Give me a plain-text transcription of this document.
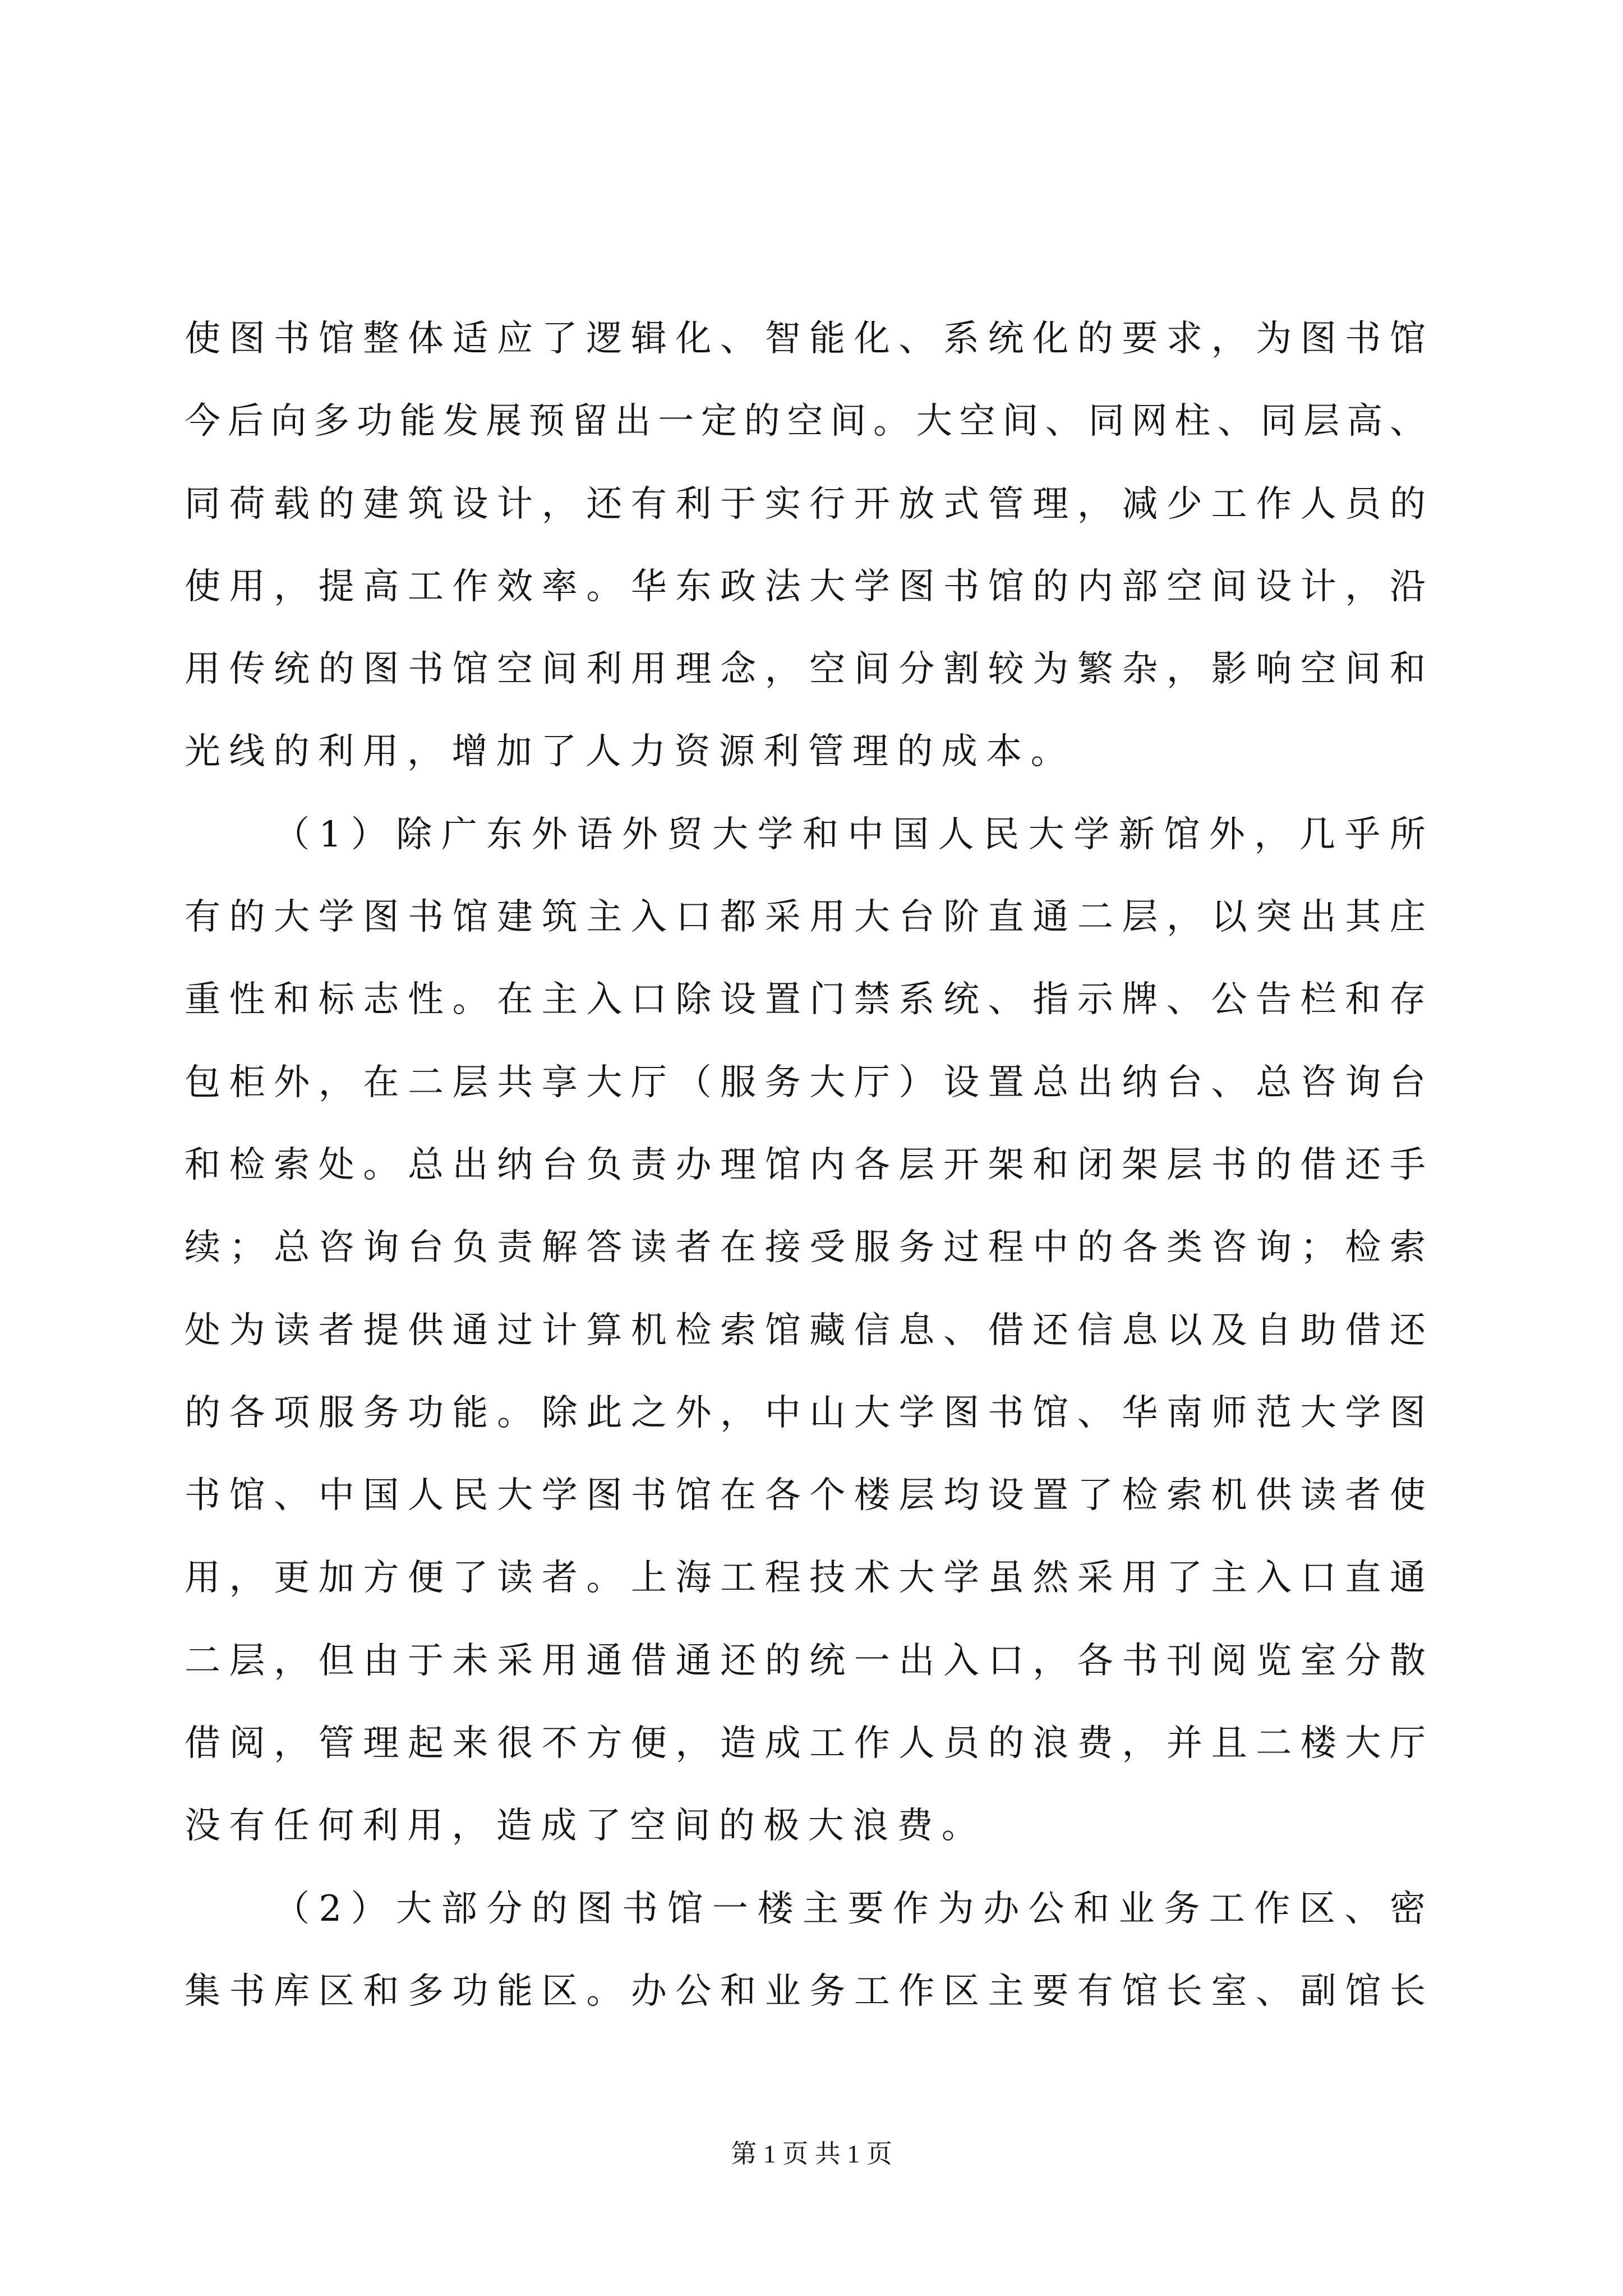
使图书馆整体适应了逻辑化、智能化、系统化的要求，为图书馆
今后向多功能发展预留出一定的空间。大空间、同网柱、同层高、
同荷载的建筑设计，还有利于实行开放式管理，减少工作人员的
使用，提高工作效率。华东政法大学图书馆的内部空间设计，沿
用传统的图书馆空间利用理念，空间分割较为繁杂，影响空间和
光线的利用，增加了人力资源利管理的成本。
（1）除广东外语外贸大学和中国人民大学新馆外，几乎所
有的大学图书馆建筑主入口都采用大台阶直通二层，以突出其庄
重性和标志性。在主入口除设置门禁系统、指示牌、公告栏和存
包柜外，在二层共享大厅（服务大厅）设置总出纳台、总咨询台
和检索处。总出纳台负责办理馆内各层开架和闭架层书的借还手
续；总咨询台负责解答读者在接受服务过程中的各类咨询；检索
处为读者提供通过计算机检索馆藏信息、借还信息以及自助借还
的各项服务功能。除此之外，中山大学图书馆、华南师范大学图
书馆、中国人民大学图书馆在各个楼层均设置了检索机供读者使
用，更加方便了读者。上海工程技术大学虽然采用了主入口直通
二层，但由于未采用通借通还的统一出入口，各书刊阅览室分散
借阅，管理起来很不方便，造成工作人员的浪费，并且二楼大厅
没有任何利用，造成了空间的极大浪费。
（2）大部分的图书馆一楼主要作为办公和业务工作区、密
集书库区和多功能区。办公和业务工作区主要有馆长室、副馆长
第 1 页 共 1 页
